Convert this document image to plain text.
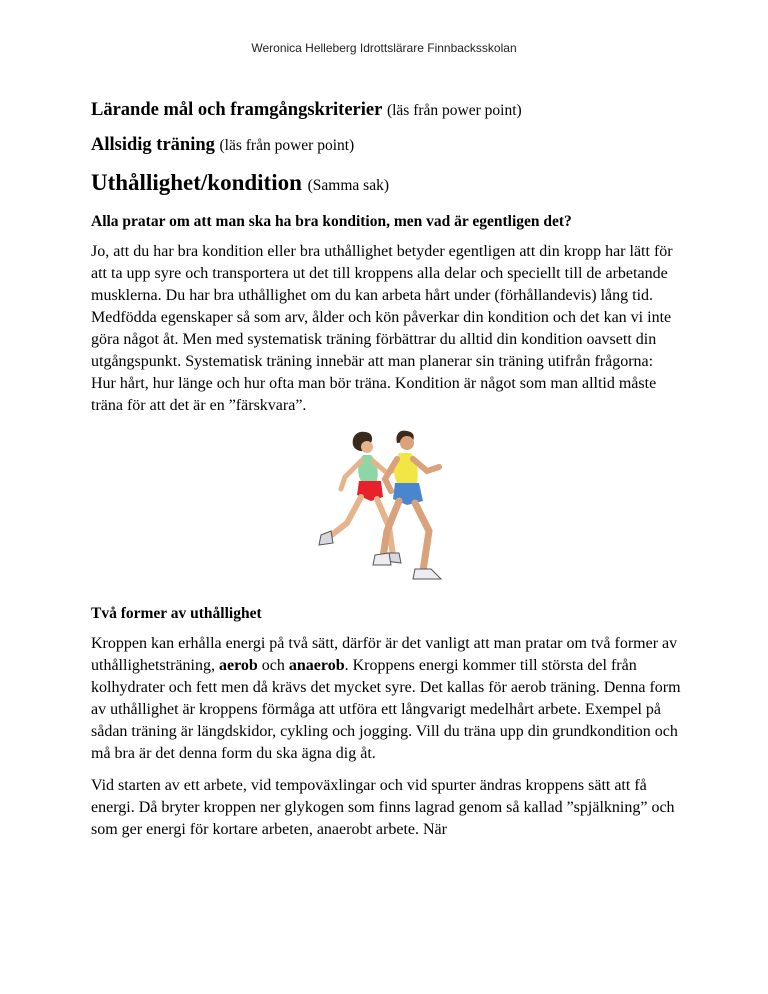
Weronica Helleberg Idrottslärare Finnbacksskolan
Lärande mål och framgångskriterier (läs från power point)
Allsidig träning (läs från power point)
Uthållighet/kondition (Samma sak)
Alla pratar om att man ska ha bra kondition, men vad är egentligen det?

Jo, att du har bra kondition eller bra uthållighet betyder egentligen att din kropp har lätt för att ta upp syre och transportera ut det till kroppens alla delar och speciellt till de arbetande musklerna. Du har bra uthållighet om du kan arbeta hårt under (förhållandevis) lång tid. Medfödda egenskaper så som arv, ålder och kön påverkar din kondition och det kan vi inte göra något åt. Men med systematisk träning förbättrar du alltid din kondition oavsett din utgångspunkt. Systematisk träning innebär att man planerar sin träning utifrån frågorna: Hur hårt, hur länge och hur ofta man bör träna. Kondition är något som man alltid måste träna för att det är en ”färskvara”.

Två former av uthållighet

Kroppen kan erhålla energi på två sätt, därför är det vanligt att man pratar om två former av uthållighetsträning, aerob och anaerob. Kroppens energi kommer till största del från kolhydrater och fett men då krävs det mycket syre. Det kallas för aerob träning. Denna form av uthållighet är kroppens förmåga att utföra ett långvarigt medelhårt arbete. Exempel på sådan träning är längdskidor, cykling och jogging. Vill du träna upp din grundkondition och må bra är det denna form du ska ägna dig åt.

Vid starten av ett arbete, vid tempoväxlingar och vid spurter ändras kroppens sätt att få energi. Då bryter kroppen ner glykogen som finns lagrad genom så kallad ”spjälkning” och som ger energi för kortare arbeten, anaerobt arbete. När
